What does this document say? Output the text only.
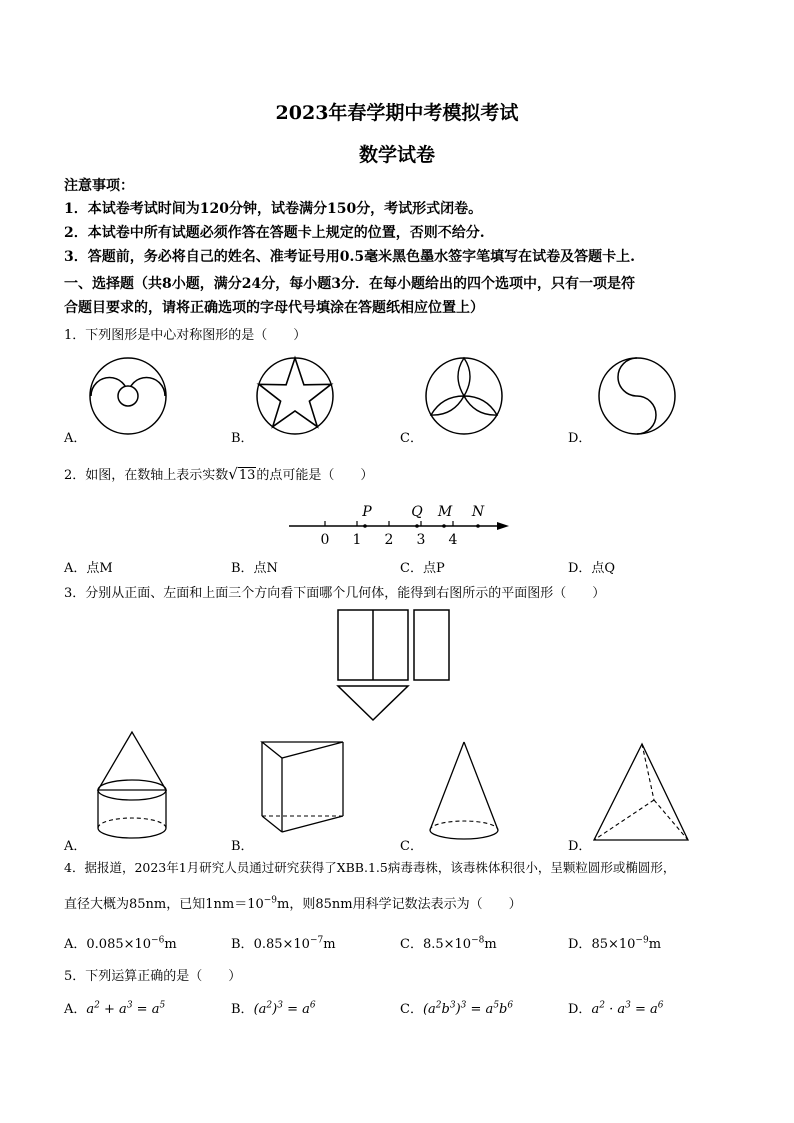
2023年春学期中考模拟考试
数学试卷
注意事项：
1．本试卷考试时间为120分钟，试卷满分150分，考试形式闭卷。
2．本试卷中所有试题必须作答在答题卡上规定的位置，否则不给分.
3．答题前，务必将自己的姓名、准考证号用0.5毫米黑色墨水签字笔填写在试卷及答题卡上.
一、选择题（共8小题，满分24分，每小题3分．在每小题给出的四个选项中，只有一项是符
合题目要求的，请将正确选项的字母代号填涂在答题纸相应位置上）
1．下列图形是中心对称图形的是（　　）
A．	B．	C．	D．
2．如图，在数轴上表示实数√13的点可能是（　　）
0 1 2 3 4
P	Q M N
A．点M	B．点N	C．点P	D．点Q
3．分别从正面、左面和上面三个方向看下面哪个几何体，能得到右图所示的平面图形（　　）
A．	B．	C．	D．
4．据报道，2023年1月研究人员通过研究获得了XBB.1.5病毒毒株，该毒株体积很小，呈颗粒圆形或椭圆形，
直径大概为85nm，已知$1nm=10^{-9}m$，则85nm用科学记数法表示为（　　）
A．$0.085\times 10^{-6}m$	B．$0.85\times 10^{-7}m$	C．$8.5\times 10^{-8}m$	D．$85\times 10^{-9}m$
5．下列运算正确的是（　　）
A．$a^2 + a^3 = a^5$	B．$(a^2)^3 = a^6$	C．$(a^2b^3)^3 = a^5b^6$	D．$a^2 \cdot a^3 = a^6$
